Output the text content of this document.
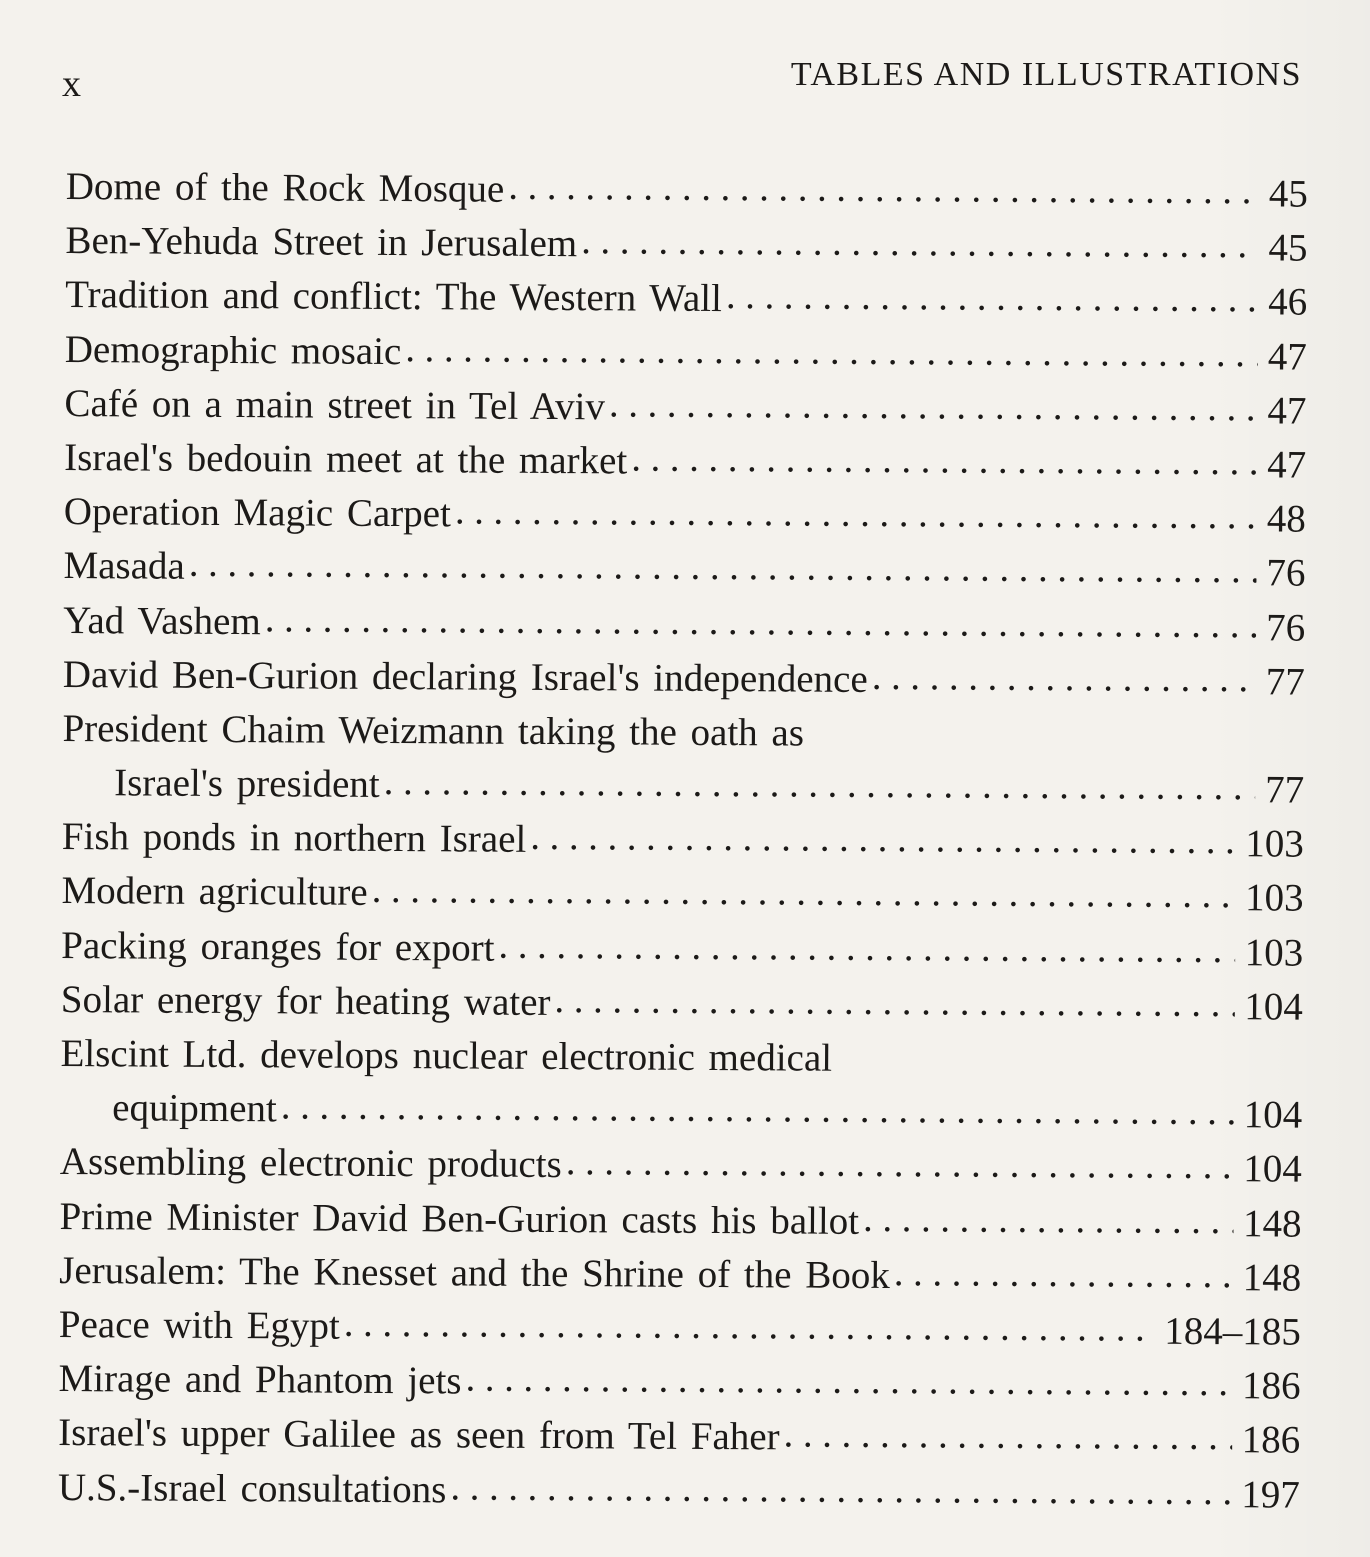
x	TABLES AND ILLUSTRATIONS
Dome of the Rock Mosque . . .	45
Ben-Yehuda Street in Jerusalem . . .	45
Tradition and conflict: The Western Wall . . .	46
Demographic mosaic . . .	47
Café on a main street in Tel Aviv . . .	47
Israel's bedouin meet at the market . . .	47
Operation Magic Carpet . . .	48
Masada . . .	76
Yad Vashem . . .	76
David Ben-Gurion declaring Israel's independence . . .	77
President Chaim Weizmann taking the oath as
Israel's president . . .	77
Fish ponds in northern Israel . . .	103
Modern agriculture . . .	103
Packing oranges for export . . .	103
Solar energy for heating water . . .	104
Elscint Ltd. develops nuclear electronic medical
equipment . . .	104
Assembling electronic products . . .	104
Prime Minister David Ben-Gurion casts his ballot . . .	148
Jerusalem: The Knesset and the Shrine of the Book . . .	148
Peace with Egypt . . .	184–185
Mirage and Phantom jets . . .	186
Israel's upper Galilee as seen from Tel Faher . . .	186
U.S.-Israel consultations . . .	197
